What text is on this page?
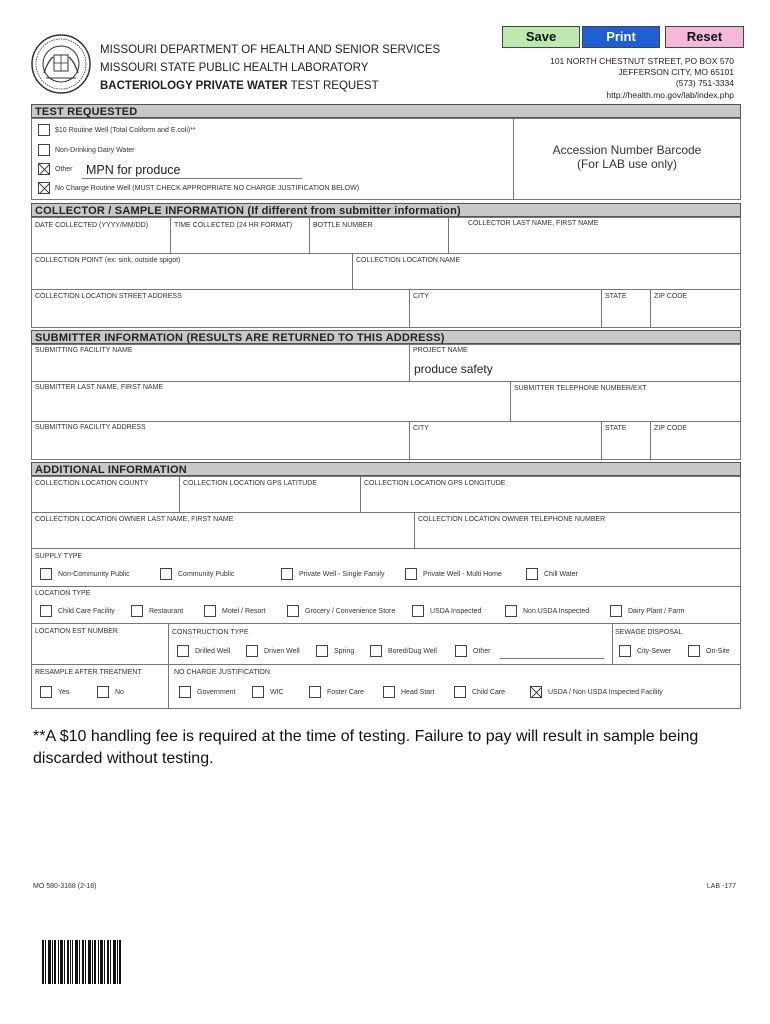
Save	Print	Reset
MISSOURI DEPARTMENT OF HEALTH AND SENIOR SERVICES
MISSOURI STATE PUBLIC HEALTH LABORATORY
BACTERIOLOGY PRIVATE WATER TEST REQUEST
101 NORTH CHESTNUT STREET, PO BOX 570
JEFFERSON CITY, MO 65101
(573) 751-3334
http://health.mo.gov/lab/index.php
TEST REQUESTED
$10 Routine Well (Total Coliform and E.coli)**
Non-Drinking Dairy Water
Other MPN for produce
No Charge Routine Well (MUST CHECK APPROPRIATE NO CHARGE JUSTIFICATION BELOW)
Accession Number Barcode
(For LAB use only)
COLLECTOR / SAMPLE INFORMATION (If different from submitter information)
DATE COLLECTED (YYYY/MM/DD)	TIME COLLECTED (24 HR FORMAT)	BOTTLE NUMBER	COLLECTOR LAST NAME, FIRST NAME
COLLECTION POINT (ex: sink, outside spigot)	COLLECTION LOCATION NAME
COLLECTION LOCATION STREET ADDRESS	CITY	STATE	ZIP CODE
SUBMITTER INFORMATION (RESULTS ARE RETURNED TO THIS ADDRESS)
SUBMITTING FACILITY NAME	PROJECT NAME
produce safety
SUBMITTER LAST NAME, FIRST NAME	SUBMITTER TELEPHONE NUMBER/EXT
SUBMITTING FACILITY ADDRESS	CITY	STATE	ZIP CODE
ADDITIONAL INFORMATION
COLLECTION LOCATION COUNTY	COLLECTION LOCATION GPS LATITUDE	COLLECTION LOCATION GPS LONGITUDE
COLLECTION LOCATION OWNER LAST NAME, FIRST NAME	COLLECTION LOCATION OWNER TELEPHONE NUMBER
SUPPLY TYPE
Non-Community Public	Community Public	Private Well - Single Family	Private Well - Multi Home	Chill Water
LOCATION TYPE
Child Care Facility	Restaurant	Motel / Resort	Grocery / Convenience Store	USDA Inspected	Non USDA Inspected	Dairy Plant / Farm
LOCATION EST NUMBER	CONSTRUCTION TYPE
Drilled Well	Driven Well	Spring	Bored/Dug Well	Other
SEWAGE DISPOSAL
City-Sewer	On-Site
RESAMPLE AFTER TREATMENT
Yes	No
NO CHARGE JUSTIFICATION
Government	WIC	Foster Care	Head Start	Child Care	USDA / Non USDA Inspected Facility
**A $10 handling fee is required at the time of testing. Failure to pay will result in sample being discarded without testing.
MO 580-3168 (2-18)	LAB -177
